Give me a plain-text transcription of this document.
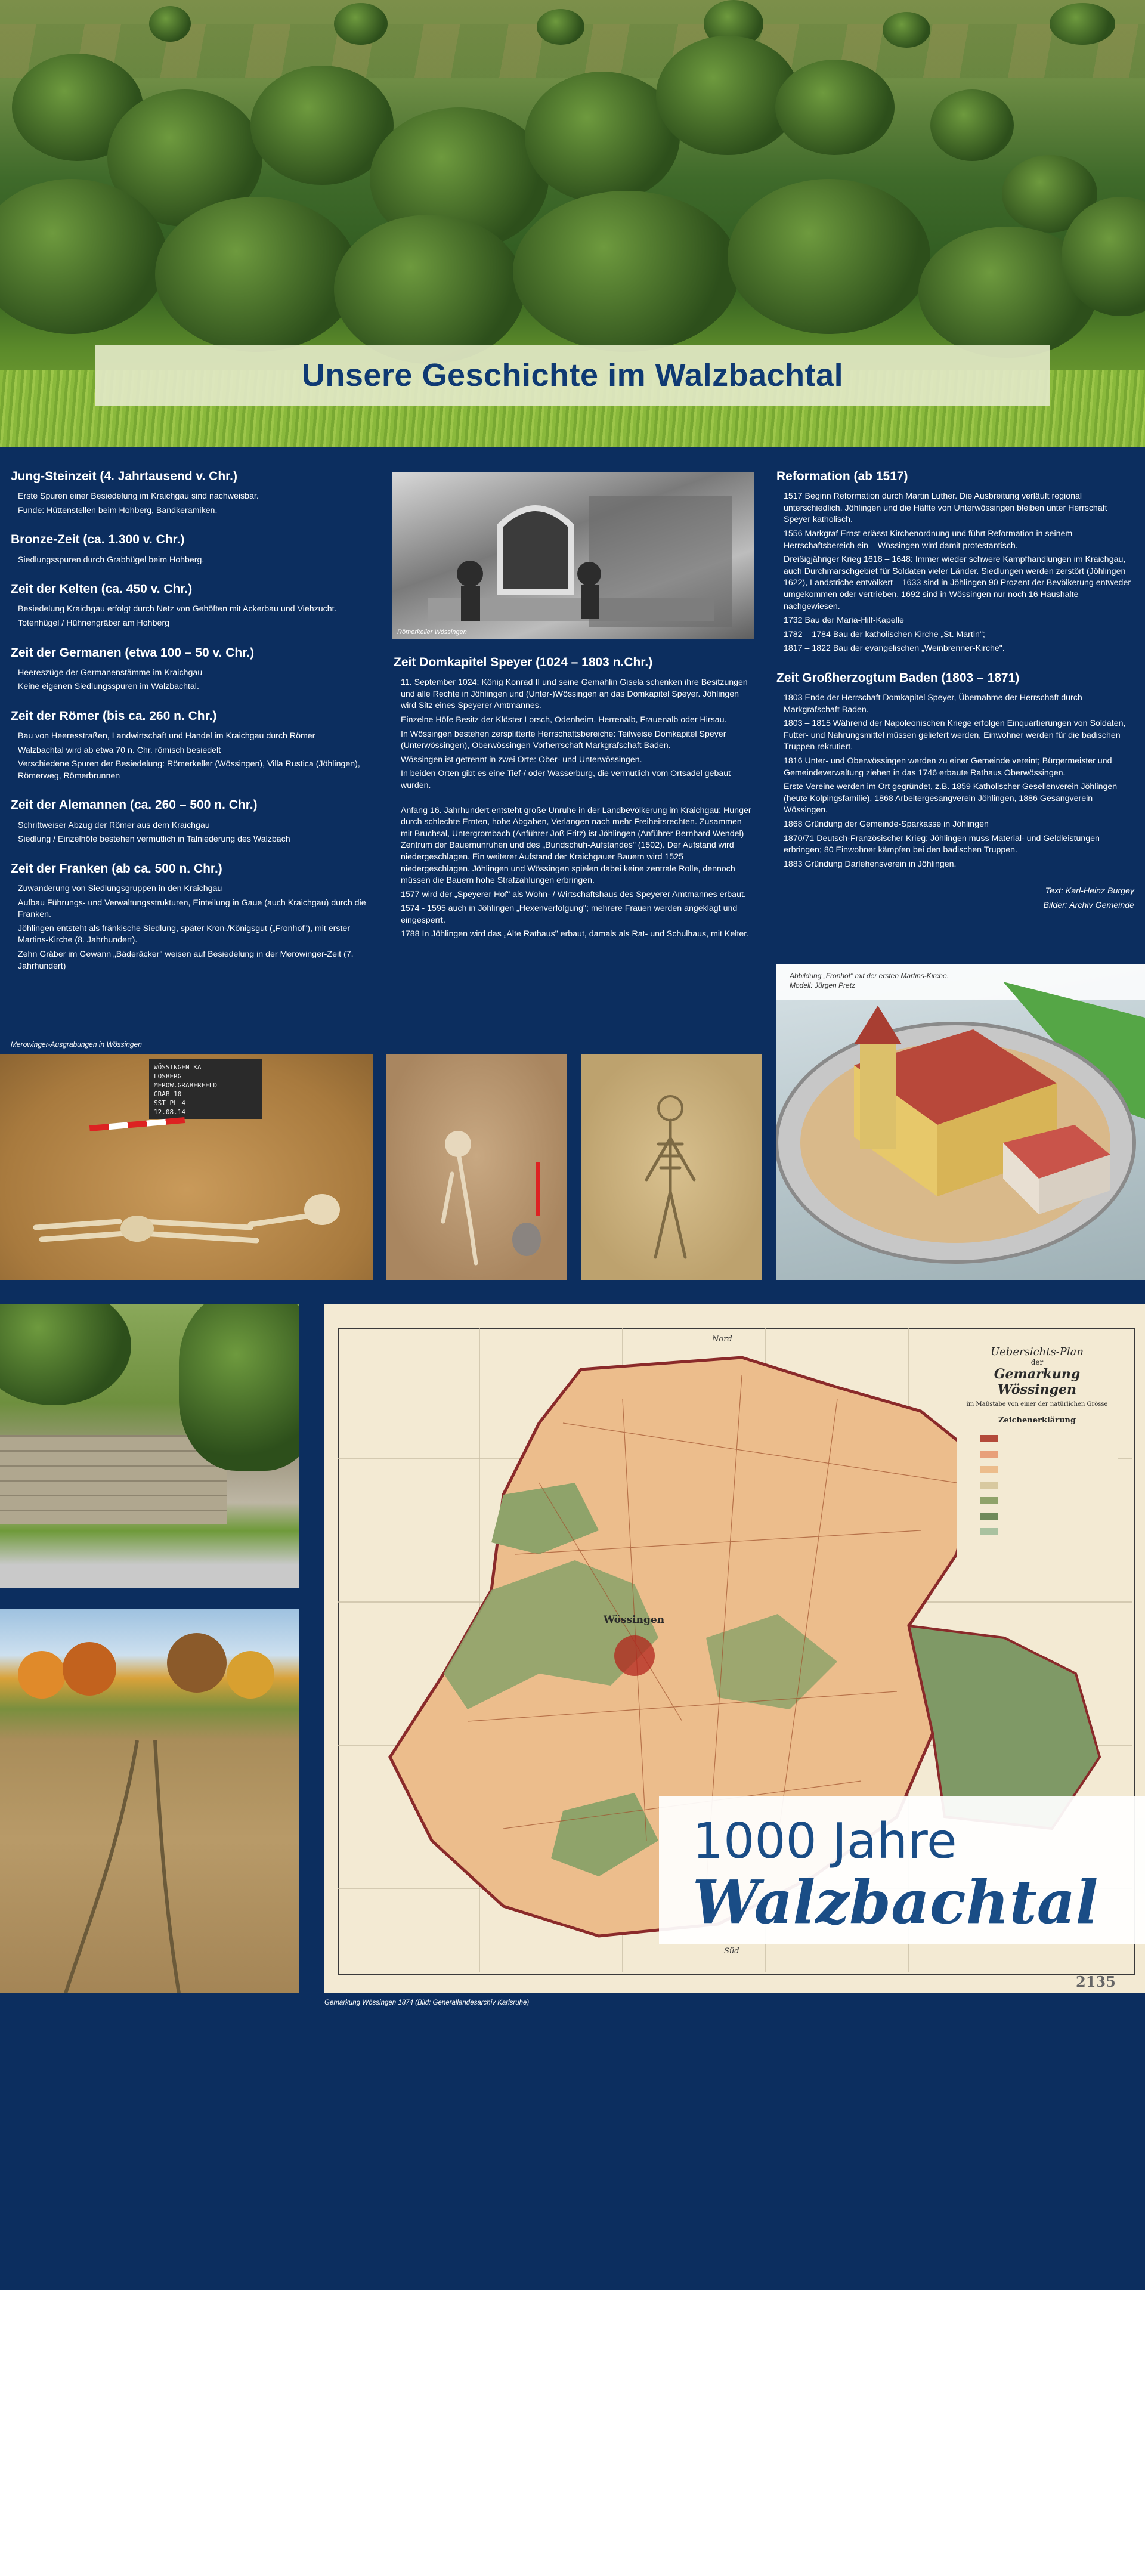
Unsere Geschichte im Walzbachtal
Jung-Steinzeit (4. Jahrtausend v. Chr.)

Erste Spuren einer Besiedelung im Kraichgau sind nachweisbar.

Funde: Hüttenstellen beim Hohberg, Bandkeramiken.

Bronze-Zeit (ca. 1.300 v. Chr.)

Siedlungsspuren durch Grabhügel beim Hohberg.

Zeit der Kelten (ca. 450 v. Chr.)

Besiedelung Kraichgau erfolgt durch Netz von Gehöften mit Ackerbau und Viehzucht.

Totenhügel / Hühnengräber am Hohberg

Zeit der Germanen (etwa 100 – 50 v. Chr.)

Heereszüge der Germanenstämme im Kraichgau

Keine eigenen Siedlungsspuren im Walzbachtal.

Zeit der Römer (bis ca. 260 n. Chr.)

Bau von Heeresstraßen, Landwirtschaft und Handel im Kraichgau durch Römer

Walzbachtal wird ab etwa 70 n. Chr. römisch besiedelt

Verschiedene Spuren der Besiedelung: Römerkeller (Wössingen), Villa Rustica (Jöhlingen), Römerweg, Römerbrunnen

Zeit der Alemannen (ca. 260 – 500 n. Chr.)

Schrittweiser Abzug der Römer aus dem Kraichgau

Siedlung / Einzelhöfe bestehen vermutlich in Talniederung des Walzbach

Zeit der Franken (ab ca. 500 n. Chr.)

Zuwanderung von Siedlungsgruppen in den Kraichgau

Aufbau Führungs- und Verwaltungsstrukturen, Einteilung in Gaue (auch Kraichgau) durch die Franken.

Jöhlingen entsteht als fränkische Siedlung, später Kron-/Königsgut („Fronhof"), mit erster Martins-Kirche (8. Jahrhundert).

Zehn Gräber im Gewann „Bäderäcker" weisen auf Besiedelung in der Merowinger-Zeit (7. Jahrhundert)

Römerkeller Wössingen
Zeit Domkapitel Speyer (1024 – 1803 n.Chr.)

11. September 1024: König Konrad II und seine Gemahlin Gisela schenken ihre Besitzungen und alle Rechte in Jöhlingen und (Unter-)Wössingen an das Domkapitel Speyer. Jöhlingen wird Sitz eines Speyerer Amtmannes.

Einzelne Höfe Besitz der Klöster Lorsch, Odenheim, Herrenalb, Frauenalb oder Hirsau.

In Wössingen bestehen zersplitterte Herrschaftsbereiche: Teilweise Domkapitel Speyer (Unterwössingen), Oberwössingen Vorherrschaft Markgrafschaft Baden.

Wössingen ist getrennt in zwei Orte: Ober- und Unterwössingen.

In beiden Orten gibt es eine Tief-/ oder Wasserburg, die vermutlich vom Ortsadel gebaut wurden.

Anfang 16. Jahrhundert entsteht große Unruhe in der Landbevölkerung im Kraichgau: Hunger durch schlechte Ernten, hohe Abgaben, Verlangen nach mehr Freiheitsrechten. Zusammen mit Bruchsal, Untergrombach (Anführer Joß Fritz) ist Jöhlingen (Anführer Bernhard Wendel) Zentrum der Bauernunruhen und des „Bundschuh-Aufstandes" (1502). Der Aufstand wird niedergeschlagen. Ein weiterer Aufstand der Kraichgauer Bauern wird 1525 niedergeschlagen. Jöhlingen und Wössingen spielen dabei keine zentrale Rolle, dennoch müssen die Bauern hohe Strafzahlungen erbringen.

1577 wird der „Speyerer Hof" als Wohn- / Wirtschaftshaus des Speyerer Amtmannes erbaut.

1574 - 1595 auch in Jöhlingen „Hexenverfolgung"; mehrere Frauen werden angeklagt und eingesperrt.

1788 In Jöhlingen wird das „Alte Rathaus" erbaut, damals als Rat- und Schulhaus, mit Kelter.

Reformation (ab 1517)

1517 Beginn Reformation durch Martin Luther. Die Ausbreitung verläuft regional unterschiedlich. Jöhlingen und die Hälfte von Unterwössingen bleiben unter Herrschaft Speyer katholisch.

1556 Markgraf Ernst erlässt Kirchenordnung und führt Reformation in seinem Herrschaftsbereich ein – Wössingen wird damit protestantisch.

Dreißigjähriger Krieg 1618 – 1648: Immer wieder schwere Kampfhandlungen im Kraichgau, auch Durchmarschgebiet für Soldaten vieler Länder. Siedlungen werden zerstört (Jöhlingen 1622), Landstriche entvölkert – 1633 sind in Jöhlingen 90 Prozent der Bevölkerung entweder umgekommen oder vertrieben. 1692 sind in Wössingen nur noch 16 Haushalte nachgewiesen.

1732 Bau der Maria-Hilf-Kapelle

1782 – 1784 Bau der katholischen Kirche „St. Martin";

1817 – 1822 Bau der evangelischen „Weinbrenner-Kirche".

Zeit Großherzogtum Baden (1803 – 1871)

1803 Ende der Herrschaft Domkapitel Speyer, Übernahme der Herrschaft durch Markgrafschaft Baden.

1803 – 1815 Während der Napoleonischen Kriege erfolgen Einquartierungen von Soldaten, Futter- und Nahrungsmittel müssen geliefert werden, Einwohner werden für die badischen Truppen rekrutiert.

1816 Unter- und Oberwössingen werden zu einer Gemeinde vereint; Bürgermeister und Gemeindeverwaltung ziehen in das 1746 erbaute Rathaus Oberwössingen.

Erste Vereine werden im Ort gegründet, z.B. 1859 Katholischer Gesellenverein Jöhlingen (heute Kolpingsfamilie), 1868 Arbeitergesangverein Jöhlingen, 1886 Gesangverein Wössingen.

1868 Gründung der Gemeinde-Sparkasse in Jöhlingen

1870/71 Deutsch-Französischer Krieg: Jöhlingen muss Material- und Geldleistungen erbringen; 80 Einwohner kämpfen bei den badischen Truppen.

1883 Gründung Darlehensverein in Jöhlingen.

Text: Karl-Heinz Burgey

Bilder: Archiv Gemeinde

Merowinger-Ausgrabungen in Wössingen
WÖSSINGEN KA
LOSBERG
MEROW.GRABERFELD
GRAB 10
SST PL 4
12.08.14
Abbildung „Fronhof" mit der ersten Martins-Kirche.
Modell: Jürgen Pretz
Uebersichts-Plan
der
Gemarkung Wössingen
im Maßstabe von einer der natürlichen Grösse
Zeichenerklärung
Nord
Wössingen
Süd
2135
Gemarkung Wössingen 1874 (Bild: Generallandesarchiv Karlsruhe)
1000 Jahre
Walzbachtal
